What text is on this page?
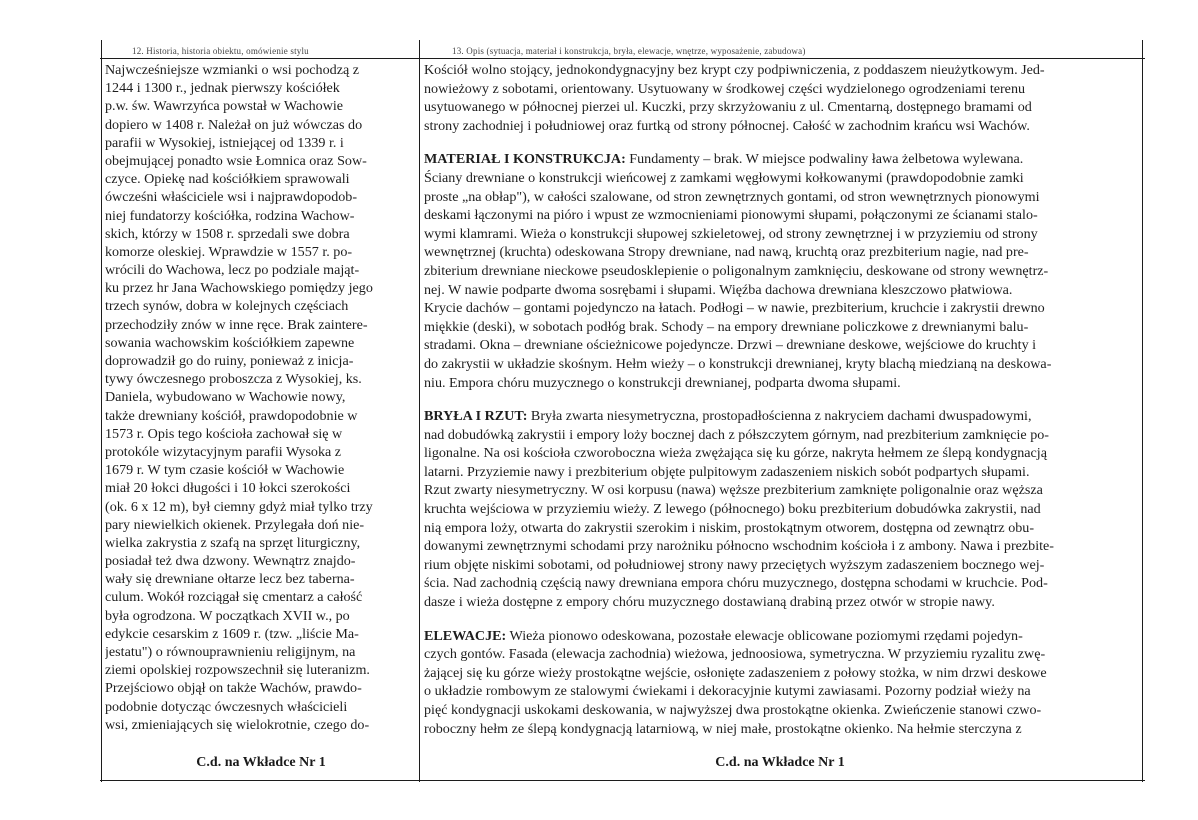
12. Historia, historia obiektu, omówienie stylu	13. Opis (sytuacja, materiał i konstrukcja, bryła, elewacje, wnętrze, wyposażenie, zabudowa)
Najwcześniejsze wzmianki o wsi pochodzą z
1244 i 1300 r., jednak pierwszy kościółek
p.w. św. Wawrzyńca powstał w Wachowie
dopiero w 1408 r. Należał on już wówczas do
parafii w Wysokiej, istniejącej od 1339 r. i
obejmującej ponadto wsie Łomnica oraz Sow-
czyce. Opiekę nad kościółkiem sprawowali
ówcześni właściciele wsi i najprawdopodob-
niej fundatorzy kościółka, rodzina Wachow-
skich, którzy w 1508 r. sprzedali swe dobra
komorze oleskiej. Wprawdzie w 1557 r. po-
wrócili do Wachowa, lecz po podziale mająt-
ku przez hr Jana Wachowskiego pomiędzy jego
trzech synów, dobra w kolejnych częściach
przechodziły znów w inne ręce. Brak zaintere-
sowania wachowskim kościółkiem zapewne
doprowadził go do ruiny, ponieważ z inicja-
tywy ówczesnego proboszcza z Wysokiej, ks.
Daniela, wybudowano w Wachowie nowy,
także drewniany kościół, prawdopodobnie w
1573 r. Opis tego kościoła zachował się w
protokóle wizytacyjnym parafii Wysoka z
1679 r. W tym czasie kościół w Wachowie
miał 20 łokci długości i 10 łokci szerokości
(ok. 6 x 12 m), był ciemny gdyż miał tylko trzy
pary niewielkich okienek. Przylegała doń nie-
wielka zakrystia z szafą na sprzęt liturgiczny,
posiadał też dwa dzwony. Wewnątrz znajdo-
wały się drewniane ołtarze lecz bez taberna-
culum. Wokół rozciągał się cmentarz a całość
była ogrodzona. W początkach XVII w., po
edykcie cesarskim z 1609 r. (tzw. „liście Ma-
jestatu") o równouprawnieniu religijnym, na
ziemi opolskiej rozpowszechnił się luteranizm.
Przejściowo objął on także Wachów, prawdo-
podobnie dotycząc ówczesnych właścicieli
wsi, zmieniających się wielokrotnie, czego do-
C.d. na Wkładce Nr 1
Kościół wolno stojący, jednokondygnacyjny bez krypt czy podpiwniczenia, z poddaszem nieużytkowym. Jed-
nowieżowy z sobotami, orientowany. Usytuowany w środkowej części wydzielonego ogrodzeniami terenu
usytuowanego w północnej pierzei ul. Kuczki, przy skrzyżowaniu z ul. Cmentarną, dostępnego bramami od
strony zachodniej i południowej oraz furtką od strony północnej. Całość w zachodnim krańcu wsi Wachów.
MATERIAŁ I KONSTRUKCJA: Fundamenty – brak. W miejsce podwaliny ława żelbetowa wylewana.
Ściany drewniane o konstrukcji wieńcowej z zamkami węgłowymi kołkowanymi (prawdopodobnie zamki
proste „na obłap"), w całości szalowane, od stron zewnętrznych gontami, od stron wewnętrznych pionowymi
deskami łączonymi na pióro i wpust ze wzmocnieniami pionowymi słupami, połączonymi ze ścianami stalo-
wymi klamrami. Wieża o konstrukcji słupowej szkieletowej, od strony zewnętrznej i w przyziemiu od strony
wewnętrznej (kruchta) odeskowana Stropy drewniane, nad nawą, kruchtą oraz prezbiterium nagie, nad pre-
zbiterium drewniane nieckowe pseudosklepienie o poligonalnym zamknięciu, deskowane od strony wewnętrz-
nej. W nawie podparte dwoma sosrębami i słupami. Więźba dachowa drewniana kleszczowo płatwiowa.
Krycie dachów – gontami pojedynczo na łatach. Podłogi – w nawie, prezbiterium, kruchcie i zakrystii drewno
miękkie (deski), w sobotach podłóg brak. Schody – na empory drewniane policzkowe z drewnianymi balu-
stradami. Okna – drewniane ościeżnicowe pojedyncze. Drzwi – drewniane deskowe, wejściowe do kruchty i
do zakrystii w układzie skośnym. Hełm wieży – o konstrukcji drewnianej, kryty blachą miedzianą na deskowa-
niu. Empora chóru muzycznego o konstrukcji drewnianej, podparta dwoma słupami.
BRYŁA I RZUT: Bryła zwarta niesymetryczna, prostopadłościenna z nakryciem dachami dwuspadowymi,
nad dobudówką zakrystii i empory loży bocznej dach z półszczytem górnym, nad prezbiterium zamknięcie po-
ligonalne. Na osi kościoła czworoboczna wieża zwężająca się ku górze, nakryta hełmem ze ślepą kondygnacją
latarni. Przyziemie nawy i prezbiterium objęte pulpitowym zadaszeniem niskich sobót podpartych słupami.
Rzut zwarty niesymetryczny. W osi korpusu (nawa) węższe prezbiterium zamknięte poligonalnie oraz węższa
kruchta wejściowa w przyziemiu wieży. Z lewego (północnego) boku prezbiterium dobudówka zakrystii, nad
nią empora loży, otwarta do zakrystii szerokim i niskim, prostokątnym otworem, dostępna od zewnątrz obu-
dowanymi zewnętrznymi schodami przy narożniku północno wschodnim kościoła i z ambony. Nawa i prezbite-
rium objęte niskimi sobotami, od południowej strony nawy przeciętych wyższym zadaszeniem bocznego wej-
ścia. Nad zachodnią częścią nawy drewniana empora chóru muzycznego, dostępna schodami w kruchcie. Pod-
dasze i wieża dostępne z empory chóru muzycznego dostawianą drabiną przez otwór w stropie nawy.
ELEWACJE: Wieża pionowo odeskowana, pozostałe elewacje oblicowane poziomymi rzędami pojedyn-
czych gontów. Fasada (elewacja zachodnia) wieżowa, jednoosiowa, symetryczna. W przyziemiu ryzalitu zwę-
żającej się ku górze wieży prostokątne wejście, osłonięte zadaszeniem z połowy stożka, w nim drzwi deskowe
o układzie rombowym ze stalowymi ćwiekami i dekoracyjnie kutymi zawiasami. Pozorny podział wieży na
pięć kondygnacji uskokami deskowania, w najwyższej dwa prostokątne okienka. Zwieńczenie stanowi czwo-
roboczny hełm ze ślepą kondygnacją latarniową, w niej małe, prostokątne okienko. Na hełmie sterczyna z
C.d. na Wkładce Nr 1
